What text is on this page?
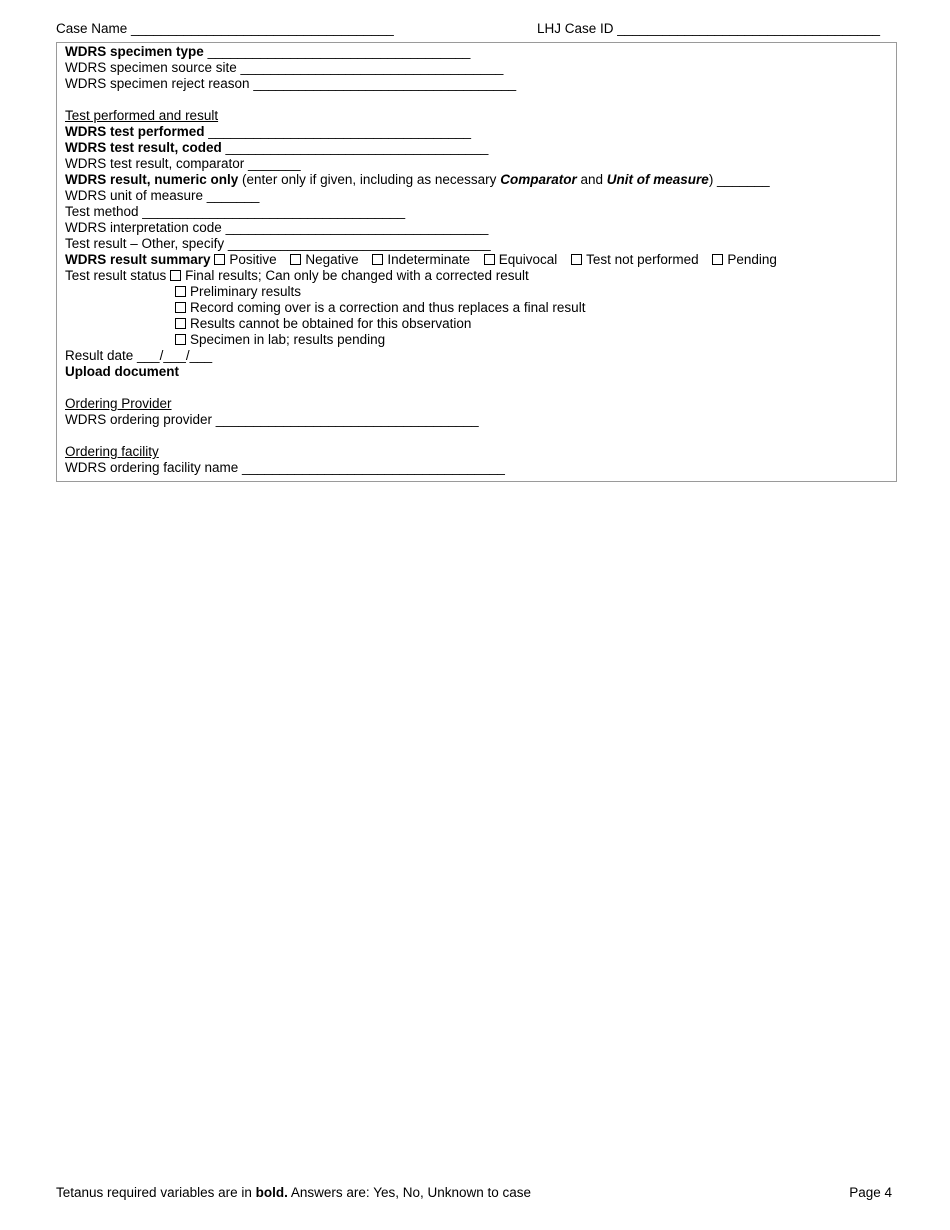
Case Name ___________________________________	LHJ Case ID ___________________________________
WDRS specimen type ___________________________________
WDRS specimen source site ___________________________________
WDRS specimen reject reason ___________________________________
Test performed and result
WDRS test performed ___________________________________
WDRS test result, coded ___________________________________
WDRS test result, comparator _______
WDRS result, numeric only (enter only if given, including as necessary Comparator and Unit of measure) _______
WDRS unit of measure _______
Test method ___________________________________
WDRS interpretation code ___________________________________
Test result – Other, specify ___________________________________
WDRS result summary Positive Negative Indeterminate Equivocal Test not performed Pending
Test result status Final results; Can only be changed with a corrected result
Preliminary results
Record coming over is a correction and thus replaces a final result
Results cannot be obtained for this observation
Specimen in lab; results pending
Result date ___/___/___
Upload document
Ordering Provider
WDRS ordering provider ___________________________________
Ordering facility
WDRS ordering facility name ___________________________________
Tetanus required variables are in bold. Answers are: Yes, No, Unknown to case	Page 4
